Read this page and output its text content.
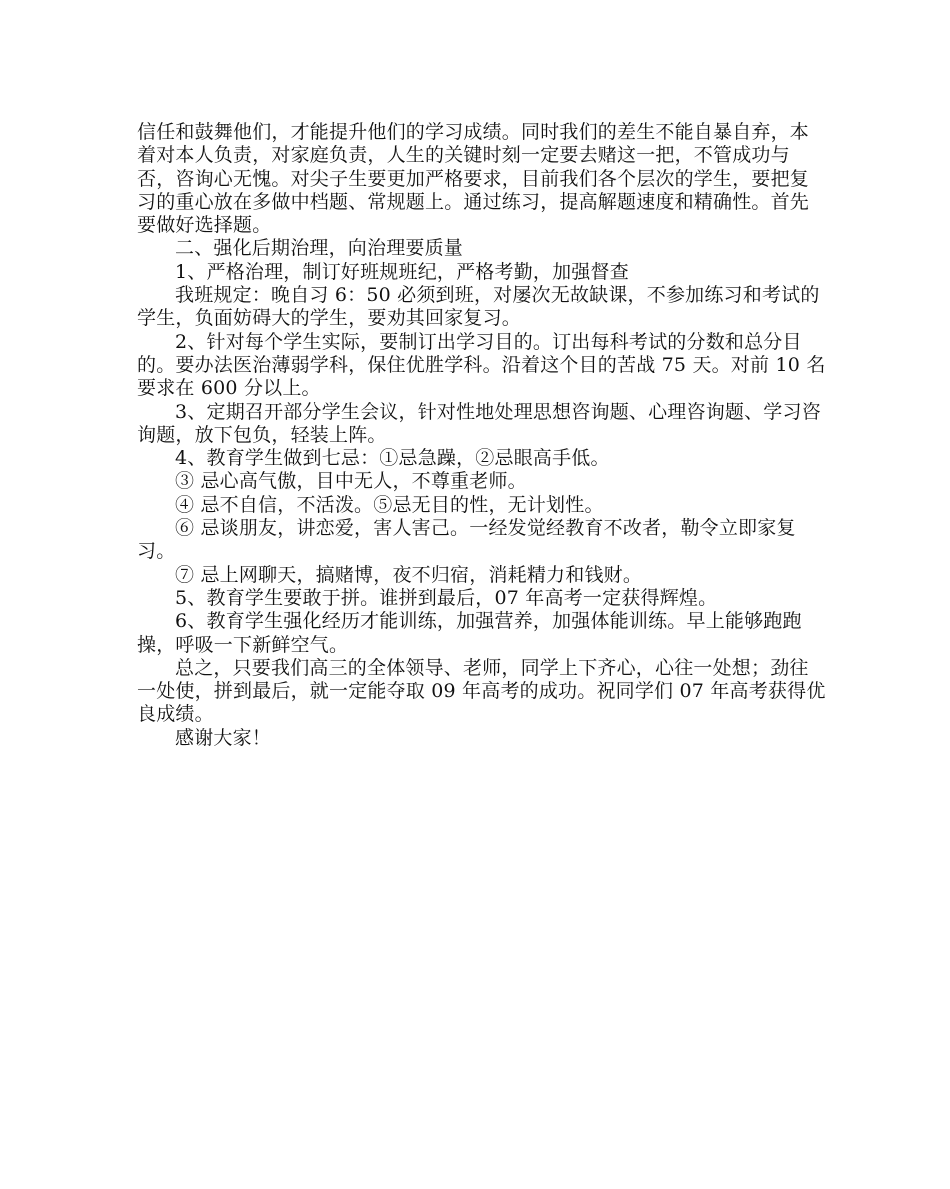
信任和鼓舞他们，才能提升他们的学习成绩。同时我们的差生不能自暴自弃，本着对本人负责，对家庭负责，人生的关键时刻一定要去赌这一把，不管成功与否，咨询心无愧。对尖子生要更加严格要求，目前我们各个层次的学生，要把复习的重心放在多做中档题、常规题上。通过练习，提高解题速度和精确性。首先要做好选择题。

二、强化后期治理，向治理要质量

1、严格治理，制订好班规班纪，严格考勤，加强督查

我班规定：晚自习 6：50 必须到班，对屡次无故缺课，不参加练习和考试的学生，负面妨碍大的学生，要劝其回家复习。

2、针对每个学生实际，要制订出学习目的。订出每科考试的分数和总分目的。要办法医治薄弱学科，保住优胜学科。沿着这个目的苦战 75 天。对前 10 名要求在 600 分以上。

3、定期召开部分学生会议，针对性地处理思想咨询题、心理咨询题、学习咨询题，放下包负，轻装上阵。

4、教育学生做到七忌：①忌急躁，②忌眼高手低。

③ 忌心高气傲，目中无人，不尊重老师。

④ 忌不自信，不活泼。⑤忌无目的性，无计划性。

⑥ 忌谈朋友，讲恋爱，害人害己。一经发觉经教育不改者，勒令立即家复习。

⑦ 忌上网聊天，搞赌博，夜不归宿，消耗精力和钱财。

5、教育学生要敢于拼。谁拼到最后，07 年高考一定获得辉煌。

6、教育学生强化经历才能训练，加强营养，加强体能训练。早上能够跑跑操，呼吸一下新鲜空气。

总之，只要我们高三的全体领导、老师，同学上下齐心，心往一处想；劲往一处使，拼到最后，就一定能夺取 09 年高考的成功。祝同学们 07 年高考获得优良成绩。

感谢大家！
